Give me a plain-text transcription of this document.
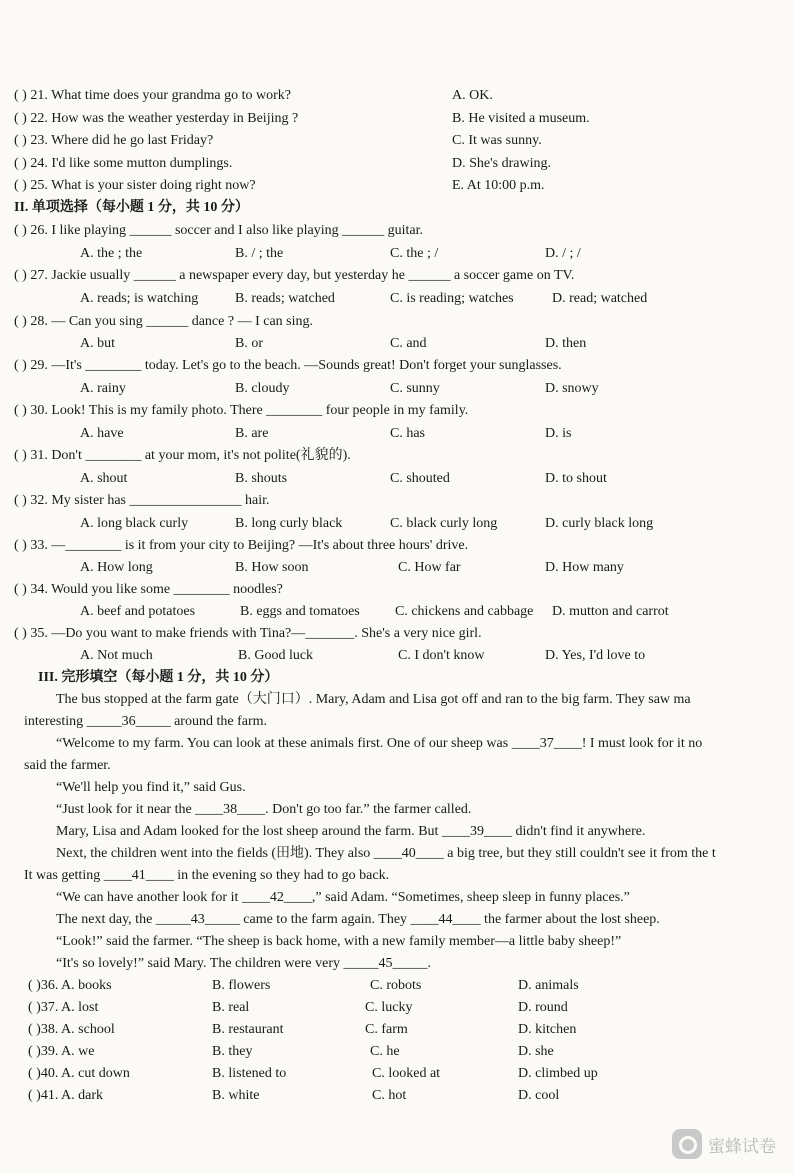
( ) 21. What time does your grandma go to work?	A. OK.
( ) 22. How was the weather yesterday in Beijing ?	B. He visited a museum.
( ) 23. Where did he go last Friday?	C. It was sunny.
( ) 24. I'd like some mutton dumplings.	D. She's drawing.
( ) 25. What is your sister doing right now?	E. At 10:00 p.m.
II. 单项选择（每小题 1 分，共 10 分）
( ) 26. I like playing ______ soccer and I also like playing ______ guitar.
A. the ; the	B. / ; the	C. the ; /	D. / ; /
( ) 27. Jackie usually ______ a newspaper every day, but yesterday he ______ a soccer game on TV.
A. reads; is watching	B. reads; watched	C. is reading; watches	D. read; watched
( ) 28. — Can you sing ______ dance ? — I can sing.
A. but	B. or	C. and	D. then
( ) 29. —It's ________ today. Let's go to the beach. —Sounds great! Don't forget your sunglasses.
A. rainy	B. cloudy	C. sunny	D. snowy
( ) 30. Look! This is my family photo. There ________ four people in my family.
A. have	B. are	C. has	D. is
( ) 31. Don't ________ at your mom, it's not polite(礼貌的).
A. shout	B. shouts	C. shouted	D. to shout
( ) 32. My sister has ________________ hair.
A. long black curly	B. long curly black	C. black curly long	D. curly black long
( ) 33. —________ is it from your city to Beijing? —It's about three hours' drive.
A. How long	B. How soon	C. How far	D. How many
( ) 34. Would you like some ________ noodles?
A. beef and potatoes	B. eggs and tomatoes	C. chickens and cabbage D. mutton and carrot
( ) 35. —Do you want to make friends with Tina?—_______. She's a very nice girl.
A. Not much	B. Good luck	C. I don't know	D. Yes, I'd love to
III. 完形填空（每小题 1 分，共 10 分）
The bus stopped at the farm gate（大门口）. Mary, Adam and Lisa got off and ran to the big farm. They saw ma
interesting _____36_____ around the farm.
“Welcome to my farm. You can look at these animals first. One of our sheep was ____37____! I must look for it no
said the farmer.
“We'll help you find it,” said Gus.
“Just look for it near the ____38____. Don't go too far.” the farmer called.
Mary, Lisa and Adam looked for the lost sheep around the farm. But ____39____ didn't find it anywhere.
Next, the children went into the fields (田地). They also ____40____ a big tree, but they still couldn't see it from the t
It was getting ____41____ in the evening so they had to go back.
“We can have another look for it ____42____,” said Adam. “Sometimes, sheep sleep in funny places.”
The next day, the _____43_____ came to the farm again. They ____44____ the farmer about the lost sheep.
“Look!” said the farmer. “The sheep is back home, with a new family member—a little baby sheep!”
“It's so lovely!” said Mary. The children were very _____45_____.
( )36. A. books	B. flowers	C. robots	D. animals
( )37. A. lost	B. real	C. lucky	D. round
( )38. A. school	B. restaurant	C. farm	D. kitchen
( )39. A. we	B. they	C. he	D. she
( )40. A. cut down	B. listened to	C. looked at	D. climbed up
( )41. A. dark	B. white	C. hot	D. cool
蜜蜂试卷
